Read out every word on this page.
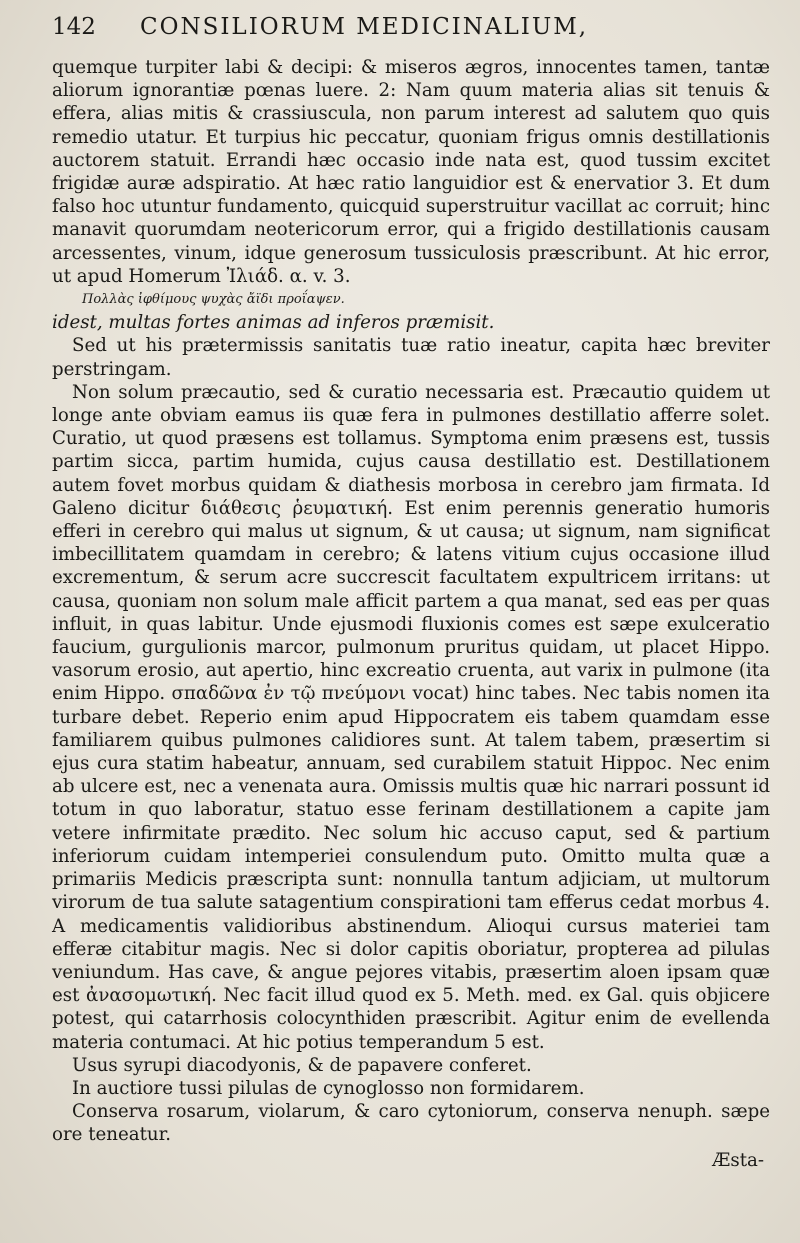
142	CONSILIORUM MEDICINALIUM,

quemque turpiter labi & decipi: & miseros ægros, innocentes tamen, tantæ aliorum ignorantiæ pœnas luere. 2: Nam quum materia alias sit tenuis & effera, alias mitis & crassiuscula, non parum interest ad salutem quo quis remedio utatur. Et turpius hic peccatur, quoniam frigus omnis destillationis auctorem statuit. Errandi hæc occasio inde nata est, quod tussim excitet frigidæ auræ adspiratio. At hæc ratio languidior est & enervatior 3. Et dum falso hoc utuntur fundamento, quicquid superstruitur vacillat ac corruit; hinc manavit quorumdam neotericorum error, qui a frigido destillationis causam arcessentes, vinum, idque generosum tussiculosis præscribunt. At hic error, ut apud Homerum Ἰλιάδ. α. v. 3.

Πολλὰς ἰφθίμους ψυχὰς ἄϊδι προΐαψεν.

idest, multas fortes animas ad inferos præmisit.

Sed ut his prætermissis sanitatis tuæ ratio ineatur, capita hæc breviter perstringam.

Non solum præcautio, sed & curatio necessaria est. Præcautio quidem ut longe ante obviam eamus iis quæ fera in pulmones destillatio afferre solet. Curatio, ut quod præsens est tollamus. Symptoma enim præsens est, tussis partim sicca, partim humida, cujus causa destillatio est. Destillationem autem fovet morbus quidam & diathesis morbosa in cerebro jam firmata. Id Galeno dicitur διάθεσις ῥευματική. Est enim perennis generatio humoris efferi in cerebro qui malus ut signum, & ut causa; ut signum, nam significat imbecillitatem quamdam in cerebro; & latens vitium cujus occasione illud excrementum, & serum acre succrescit facultatem expultricem irritans: ut causa, quoniam non solum male afficit partem a qua manat, sed eas per quas influit, in quas labitur. Unde ejusmodi fluxionis comes est sæpe exulceratio faucium, gurgulionis marcor, pulmonum pruritus quidam, ut placet Hippo. vasorum erosio, aut apertio, hinc excreatio cruenta, aut varix in pulmone (ita enim Hippo. σπαδῶνα ἐν τῷ πνεύμονι vocat) hinc tabes. Nec tabis nomen ita turbare debet. Reperio enim apud Hippocratem eis tabem quamdam esse familiarem quibus pulmones calidiores sunt. At talem tabem, præsertim si ejus cura statim habeatur, annuam, sed curabilem statuit Hippoc. Nec enim ab ulcere est, nec a venenata aura. Omissis multis quæ hic narrari possunt id totum in quo laboratur, statuo esse ferinam destillationem a capite jam vetere infirmitate prædito. Nec solum hic accuso caput, sed & partium inferiorum cuidam intemperiei consulendum puto. Omitto multa quæ a primariis Medicis præscripta sunt: nonnulla tantum adjiciam, ut multorum virorum de tua salute satagentium conspirationi tam efferus cedat morbus 4. A medicamentis validioribus abstinendum. Alioqui cursus materiei tam efferæ citabitur magis. Nec si dolor capitis oboriatur, propterea ad pilulas veniundum. Has cave, & angue pejores vitabis, præsertim aloen ipsam quæ est ἀνασομωτική. Nec facit illud quod ex 5. Meth. med. ex Gal. quis objicere potest, qui catarrhosis colocynthiden præscribit. Agitur enim de evellenda materia contumaci. At hic potius temperandum 5 est.

Usus syrupi diacodyonis, & de papavere conferet.

In auctiore tussi pilulas de cynoglosso non formidarem.

Conserva rosarum, violarum, & caro cytoniorum, conserva nenuph. sæpe ore teneatur.

Æsta-
